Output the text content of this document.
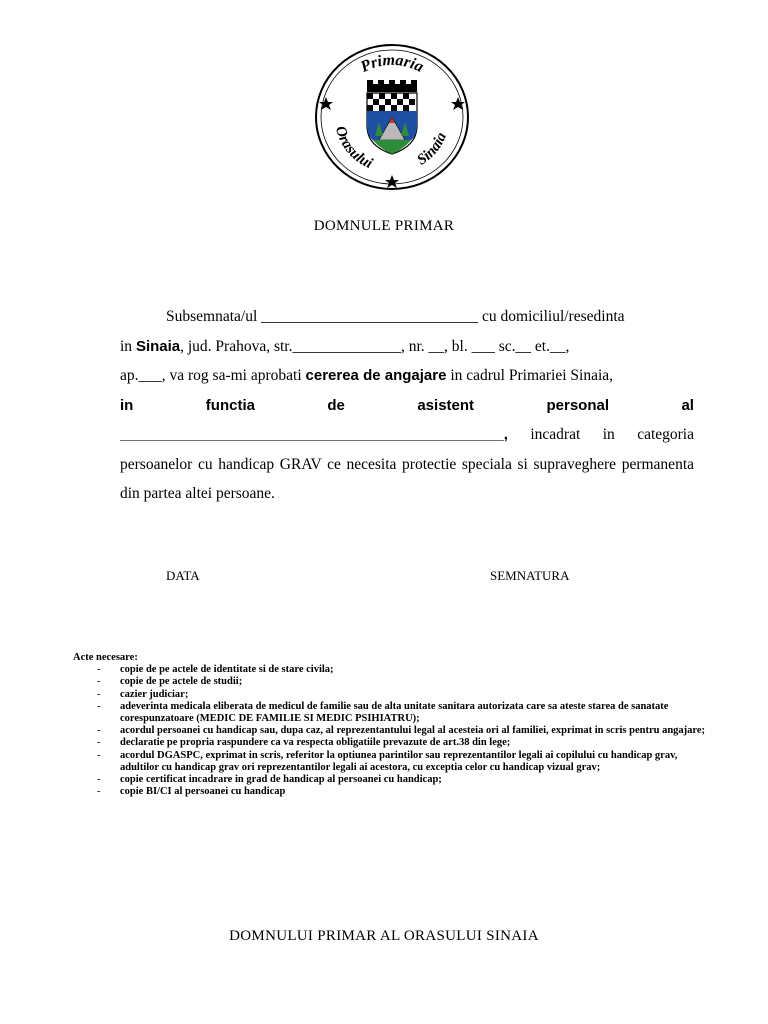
Primaria
Orasului	Sinaia
DOMNULE PRIMAR

Subsemnata/ul ____________________________ cu domiciliul/resedinta

in Sinaia, jud. Prahova, str.______________, nr. __, bl. ___ sc.__ et.__,

ap.___, va rog sa-mi aprobati cererea de angajare in cadrul Primariei Sinaia,

in	functia	de	asistent	personal	al

______________________________________________, incadrat in categoria persoanelor cu handicap GRAV ce necesita protectie speciala si supraveghere permanenta din partea altei persoane.

DATA	SEMNATURA

Acte necesare:

- copie de pe actele de identitate si de stare civila;
- copie de pe actele de studii;
- cazier judiciar;
- adeverinta medicala eliberata de medicul de familie sau de alta unitate sanitara autorizata care sa ateste starea de sanatate corespunzatoare (MEDIC DE FAMILIE SI MEDIC PSIHIATRU);
- acordul persoanei cu handicap sau, dupa caz, al reprezentantului legal al acesteia ori al familiei, exprimat in scris pentru angajare;
- declaratie pe propria raspundere ca va respecta obligatiile prevazute de art.38 din lege;
- acordul DGASPC, exprimat in scris, referitor la optiunea parintilor sau reprezentantilor legali ai copilului cu handicap grav, adultilor cu handicap grav ori reprezentantilor legali ai acestora, cu exceptia celor cu handicap vizual grav;
- copie certificat incadrare in grad de handicap al persoanei cu handicap;
- copie BI/CI al persoanei cu handicap
DOMNULUI PRIMAR AL ORASULUI SINAIA
